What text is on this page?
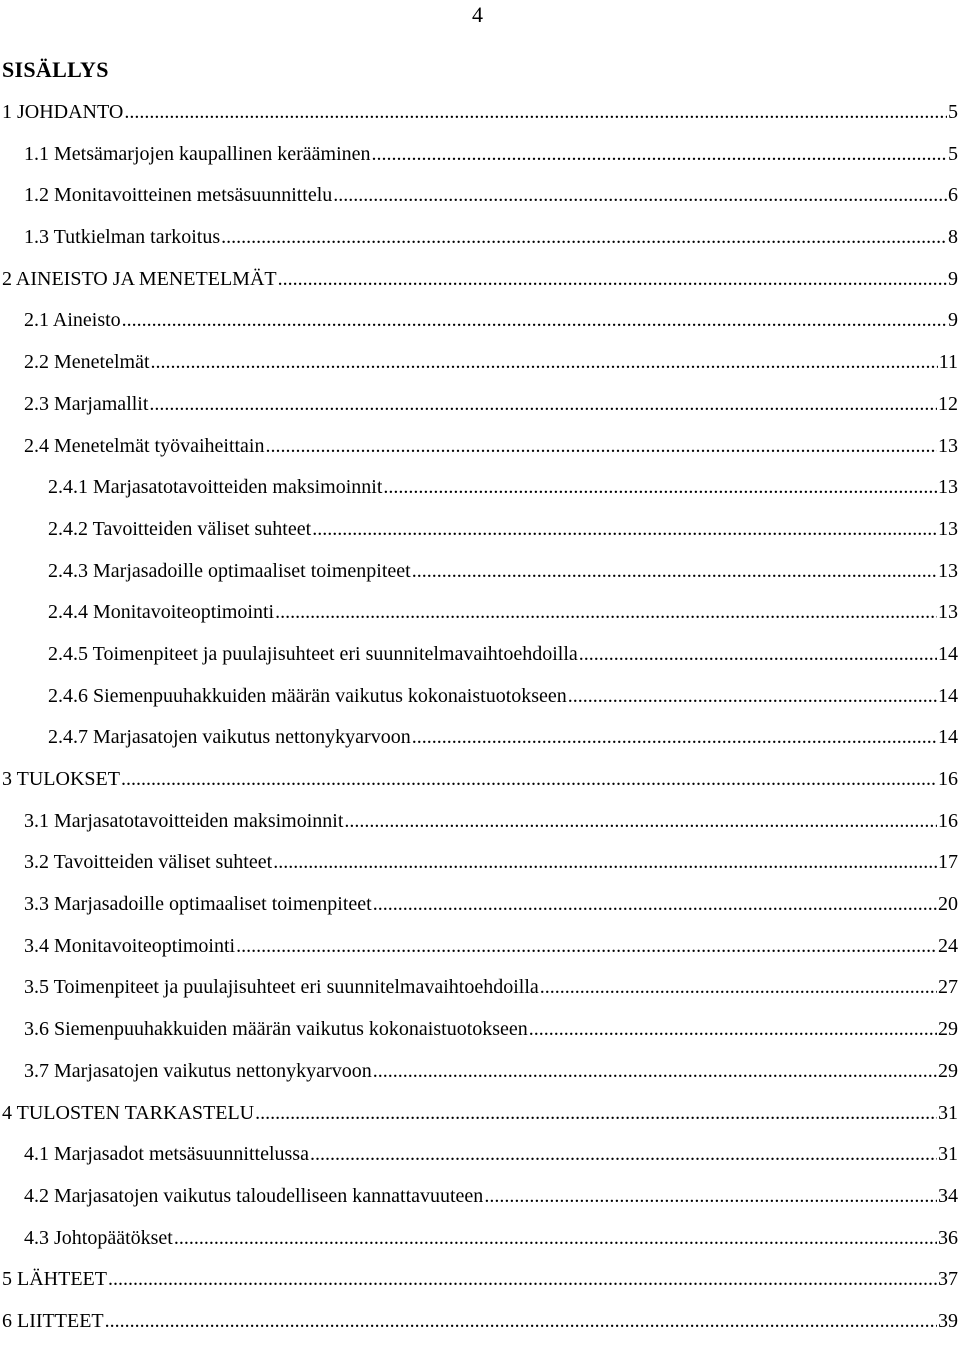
4
SISÄLLYS
1 JOHDANTO .....	5
1.1 Metsämarjojen kaupallinen kerääminen .....	5
1.2 Monitavoitteinen metsäsuunnittelu .....	6
1.3 Tutkielman tarkoitus .....	8
2 AINEISTO JA MENETELMÄT .....	9
2.1 Aineisto .....	9
2.2 Menetelmät .....	11
2.3 Marjamallit .....	12
2.4 Menetelmät työvaiheittain .....	13
2.4.1 Marjasatotavoitteiden maksimoinnit .....	13
2.4.2 Tavoitteiden väliset suhteet .....	13
2.4.3 Marjasadoille optimaaliset toimenpiteet .....	13
2.4.4 Monitavoiteoptimointi .....	13
2.4.5 Toimenpiteet ja puulajisuhteet eri suunnitelmavaihtoehdoilla .....	14
2.4.6 Siemenpuuhakkuiden määrän vaikutus kokonaistuotokseen .....	14
2.4.7 Marjasatojen vaikutus nettonykyarvoon .....	14
3 TULOKSET .....	16
3.1 Marjasatotavoitteiden maksimoinnit .....	16
3.2 Tavoitteiden väliset suhteet .....	17
3.3 Marjasadoille optimaaliset toimenpiteet .....	20
3.4 Monitavoiteoptimointi .....	24
3.5 Toimenpiteet ja puulajisuhteet eri suunnitelmavaihtoehdoilla .....	27
3.6 Siemenpuuhakkuiden määrän vaikutus kokonaistuotokseen .....	29
3.7 Marjasatojen vaikutus nettonykyarvoon .....	29
4 TULOSTEN TARKASTELU .....	31
4.1 Marjasadot metsäsuunnittelussa .....	31
4.2 Marjasatojen vaikutus taloudelliseen kannattavuuteen .....	34
4.3 Johtopäätökset .....	36
5 LÄHTEET .....	37
6 LIITTEET .....	39
